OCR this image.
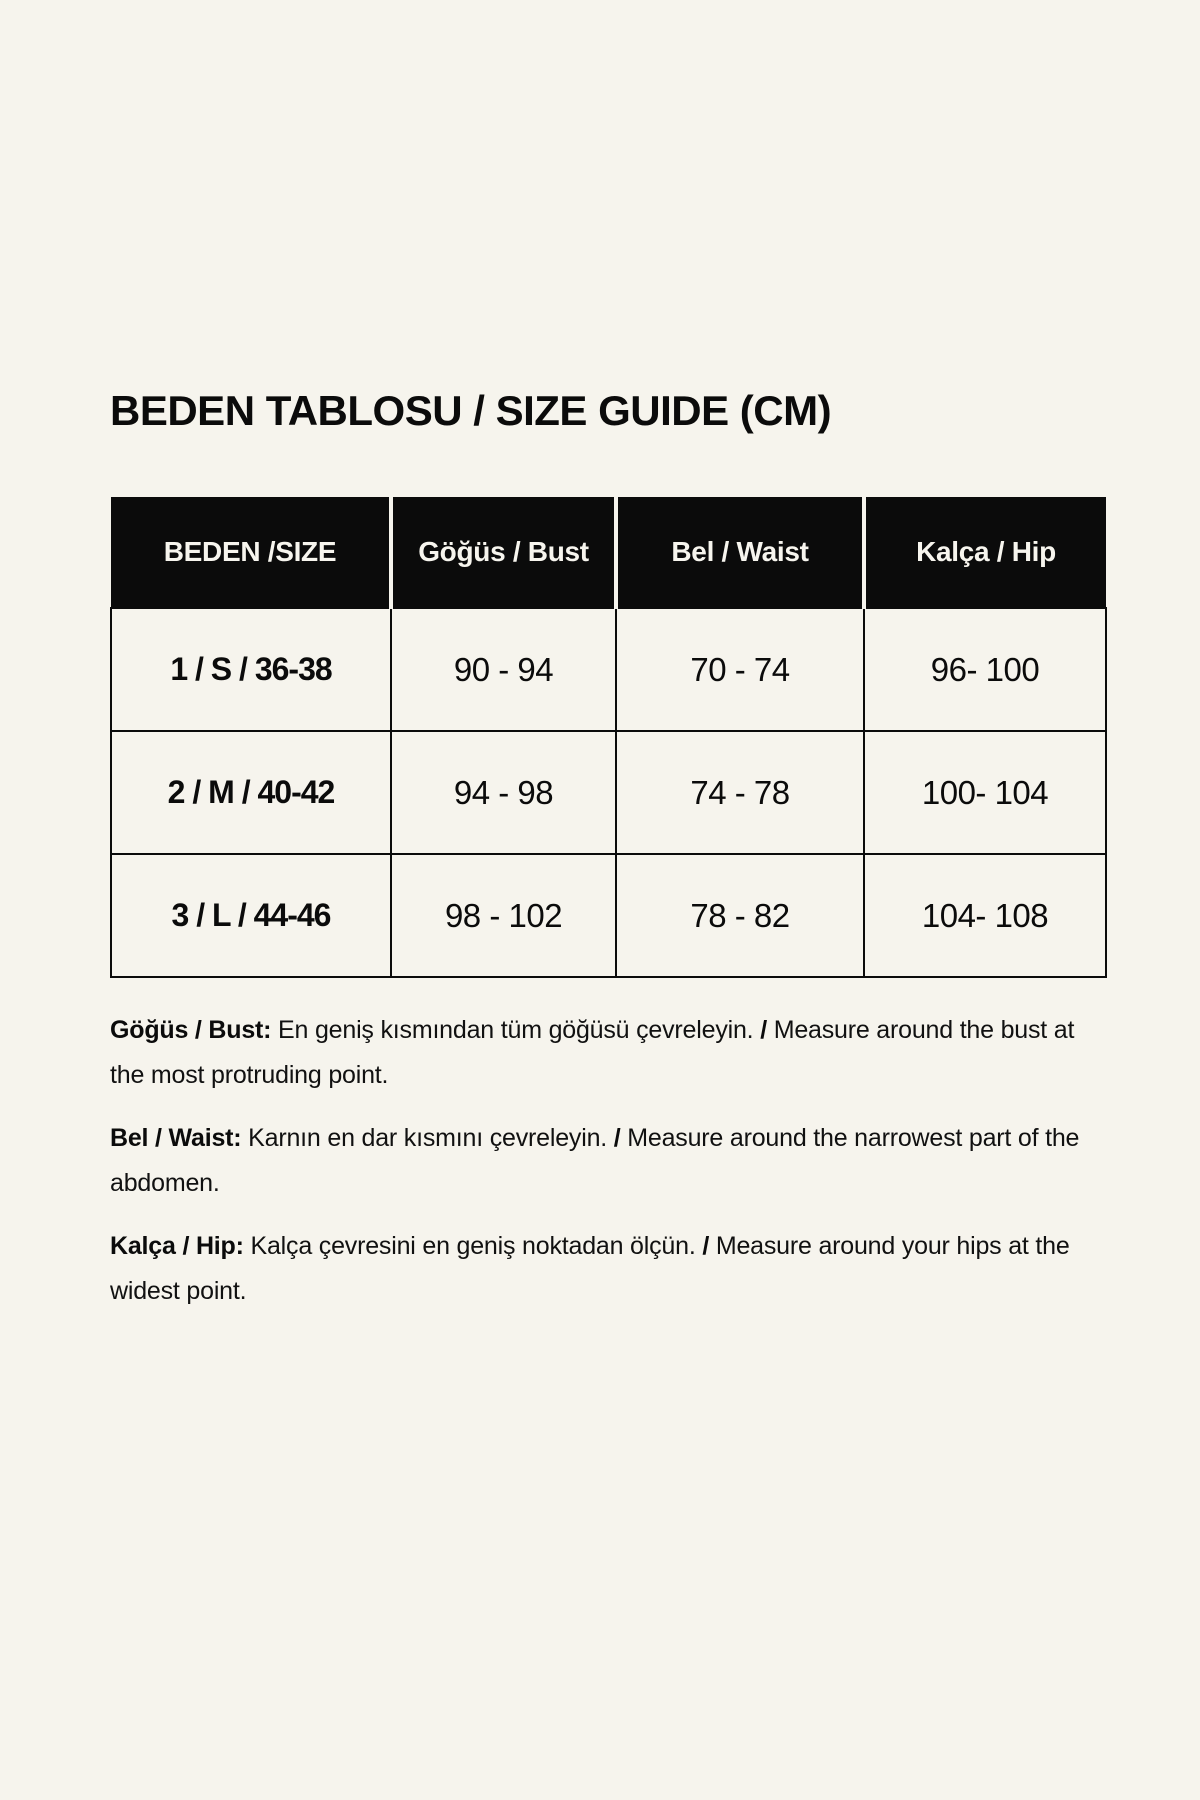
BEDEN TABLOSU / SIZE GUIDE (CM)
BEDEN /SIZE	Göğüs / Bust	Bel / Waist	Kalça / Hip
1 / S / 36-38	90 - 94	70 - 74	96- 100
2 / M / 40-42	94 - 98	74 - 78	100- 104
3 / L / 44-46	98 - 102	78 - 82	104- 108

Göğüs / Bust: En geniş kısmından tüm göğüsü çevreleyin. / Measure around the bust at the most protruding point.

Bel / Waist: Karnın en dar kısmını çevreleyin. / Measure around the narrowest part of the abdomen.

Kalça / Hip: Kalça çevresini en geniş noktadan ölçün. / Measure around your hips at the widest point.
